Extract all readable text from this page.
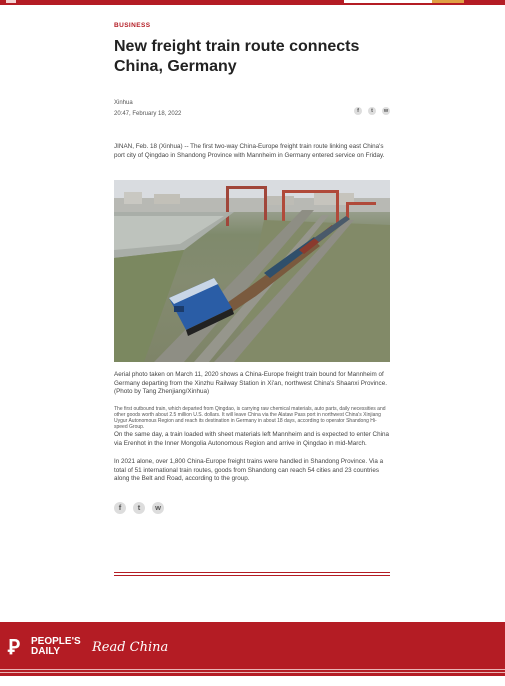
BUSINESS
New freight train route connects China, Germany
Xinhua
20:47, February 18, 2022	f	t	w

JINAN, Feb. 18 (Xinhua) -- The first two-way China-Europe freight train route linking east China's port city of Qingdao in Shandong Province with Mannheim in Germany entered service on Friday.

Aerial photo taken on March 11, 2020 shows a China-Europe freight train bound for Mannheim of Germany departing from the Xinzhu Railway Station in Xi'an, northwest China's Shaanxi Province. (Photo by Tang Zhenjiang/Xinhua)

The first outbound train, which departed from Qingdao, is carrying raw chemical materials, auto parts, daily necessities and other goods worth about 2.5 million U.S. dollars. It will leave China via the Alataw Pass port in northwest China's Xinjiang Uygur Autonomous Region and reach its destination in Germany in about 18 days, according to operator Shandong Hi-speed Group.

On the same day, a train loaded with sheet materials left Mannheim and is expected to enter China via Erenhot in the Inner Mongolia Autonomous Region and arrive in Qingdao in mid-March.

In 2021 alone, over 1,800 China-Europe freight trains were handled in Shandong Province. Via a total of 51 international train routes, goods from Shandong can reach 54 cities and 23 countries along the Belt and Road, according to the group.

f	t	w
Ꝑ	PEOPLE'S
DAILY	Read China
